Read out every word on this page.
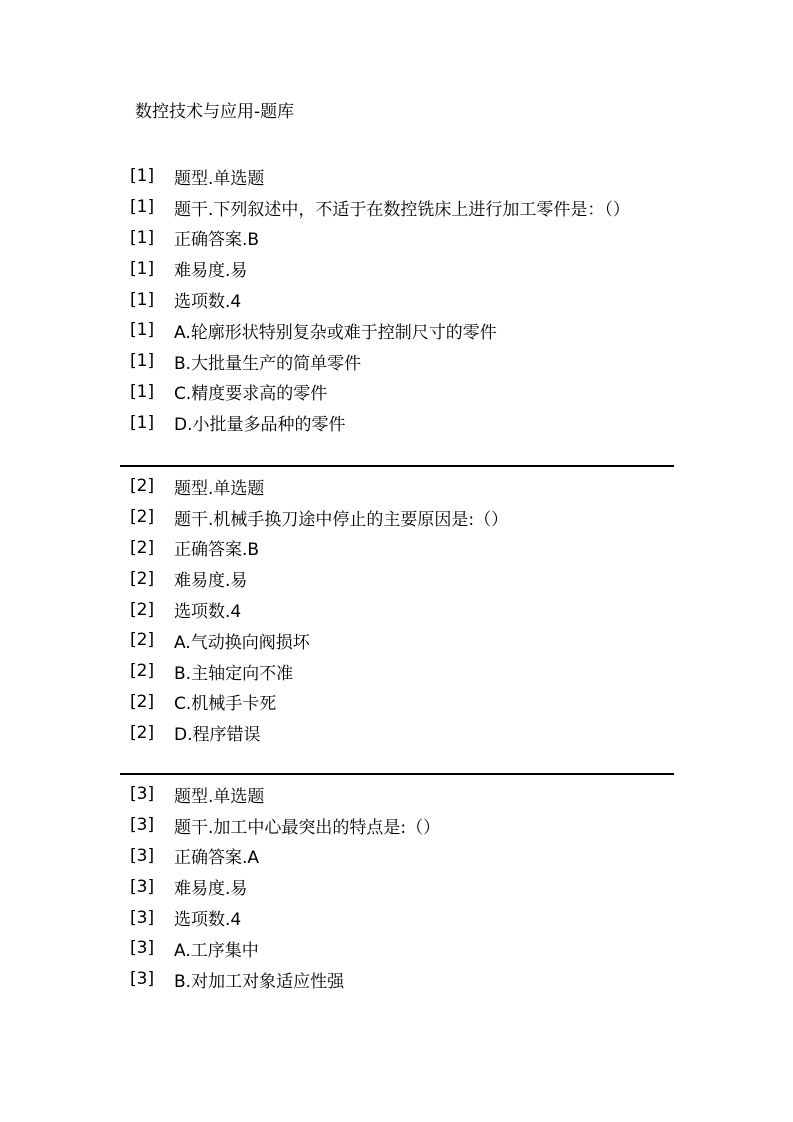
数控技术与应用-题库
[1]	题型.单选题
[1]	题干.下列叙述中，不适于在数控铣床上进行加工零件是：（）
[1]	正确答案.B
[1]	难易度.易
[1]	选项数.4
[1]	A.轮廓形状特别复杂或难于控制尺寸的零件
[1]	B.大批量生产的简单零件
[1]	C.精度要求高的零件
[1]	D.小批量多品种的零件
[2]	题型.单选题
[2]	题干.机械手换刀途中停止的主要原因是:（）
[2]	正确答案.B
[2]	难易度.易
[2]	选项数.4
[2]	A.气动换向阀损坏
[2]	B.主轴定向不准
[2]	C.机械手卡死
[2]	D.程序错误
[3]	题型.单选题
[3]	题干.加工中心最突出的特点是:（）
[3]	正确答案.A
[3]	难易度.易
[3]	选项数.4
[3]	A.工序集中
[3]	B.对加工对象适应性强
